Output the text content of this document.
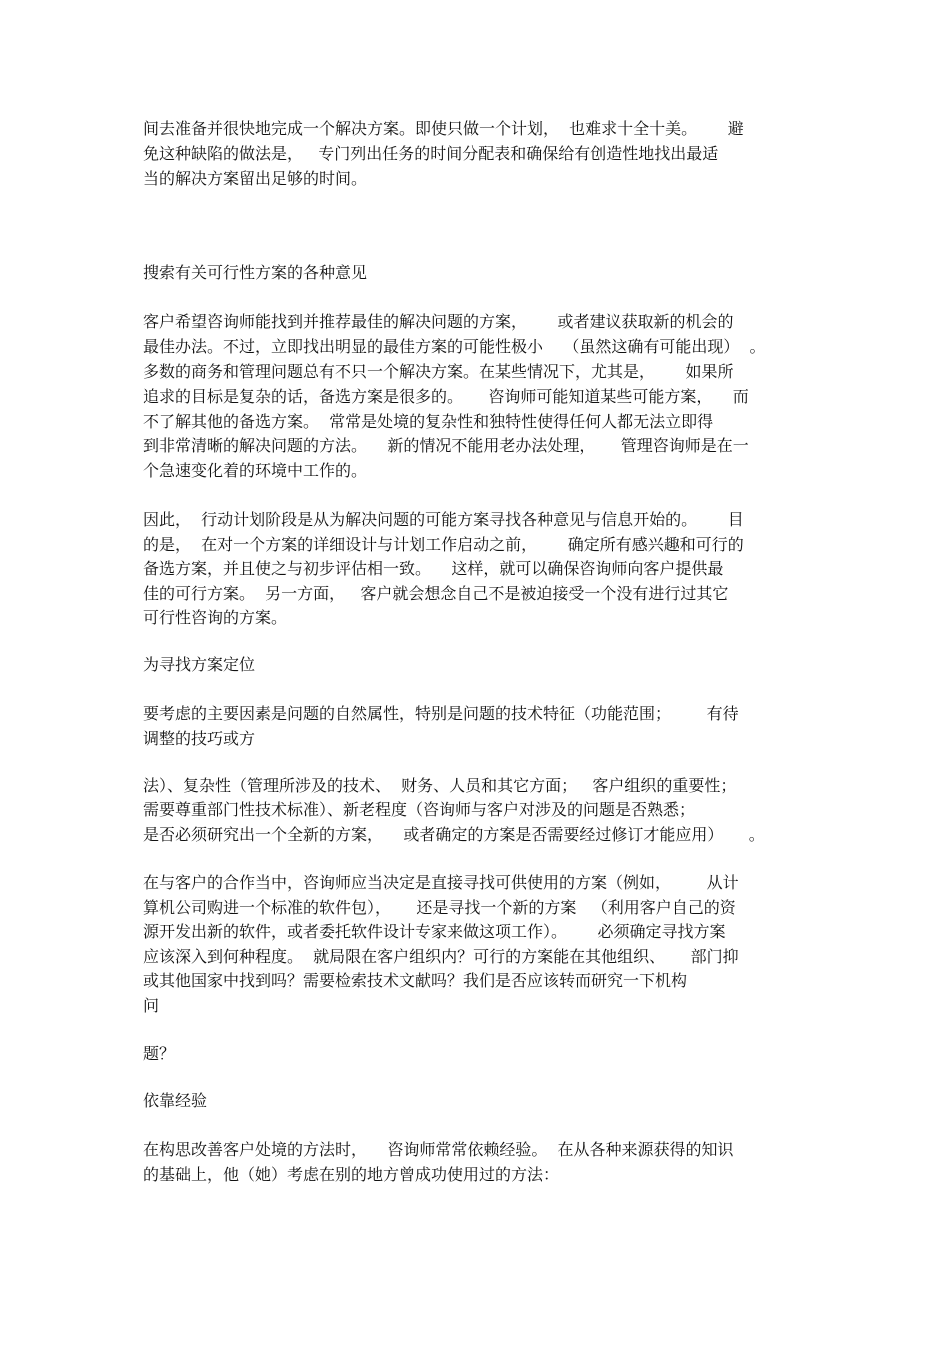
间去准备并很快地完成一个解决方案。即使只做一个计划，  也难求十全十美。      避

免这种缺陷的做法是，   专门列出任务的时间分配表和确保给有创造性地找出最适

当的解决方案留出足够的时间。

搜索有关可行性方案的各种意见

客户希望咨询师能找到并推荐最佳的解决问题的方案，      或者建议获取新的机会的

最佳办法。不过，立即找出明显的最佳方案的可能性极小    （虽然这确有可能出现）  。

多数的商务和管理问题总有不只一个解决方案。在某些情况下，尤其是，      如果所

追求的目标是复杂的话，备选方案是很多的。     咨询师可能知道某些可能方案，    而

不了解其他的备选方案。  常常是处境的复杂性和独特性使得任何人都无法立即得

到非常清晰的解决问题的方法。    新的情况不能用老办法处理，     管理咨询师是在一

个急速变化着的环境中工作的。

因此，  行动计划阶段是从为解决问题的可能方案寻找各种意见与信息开始的。      目

的是，  在对一个方案的详细设计与计划工作启动之前，      确定所有感兴趣和可行的

备选方案，并且使之与初步评估相一致。    这样，就可以确保咨询师向客户提供最

佳的可行方案。  另一方面，   客户就会想念自己不是被迫接受一个没有进行过其它

可行性咨询的方案。

为寻找方案定位

要考虑的主要因素是问题的自然属性，特别是问题的技术特征（功能范围；       有待

调整的技巧或方

法）、复杂性（管理所涉及的技术、  财务、人员和其它方面；   客户组织的重要性；

需要尊重部门性技术标准）、新老程度（咨询师与客户对涉及的问题是否熟悉；

是否必须研究出一个全新的方案，    或者确定的方案是否需要经过修订才能应用）     。

在与客户的合作当中，咨询师应当决定是直接寻找可供使用的方案（例如，       从计

算机公司购进一个标准的软件包），     还是寻找一个新的方案   （利用客户自己的资

源开发出新的软件，或者委托软件设计专家来做这项工作）。      必须确定寻找方案

应该深入到何种程度。  就局限在客户组织内？可行的方案能在其他组织、     部门抑

或其他国家中找到吗？需要检索技术文献吗？我们是否应该转而研究一下机构

问

题？

依靠经验

在构思改善客户处境的方法时，    咨询师常常依赖经验。  在从各种来源获得的知识

的基础上，他（她）考虑在别的地方曾成功使用过的方法：
